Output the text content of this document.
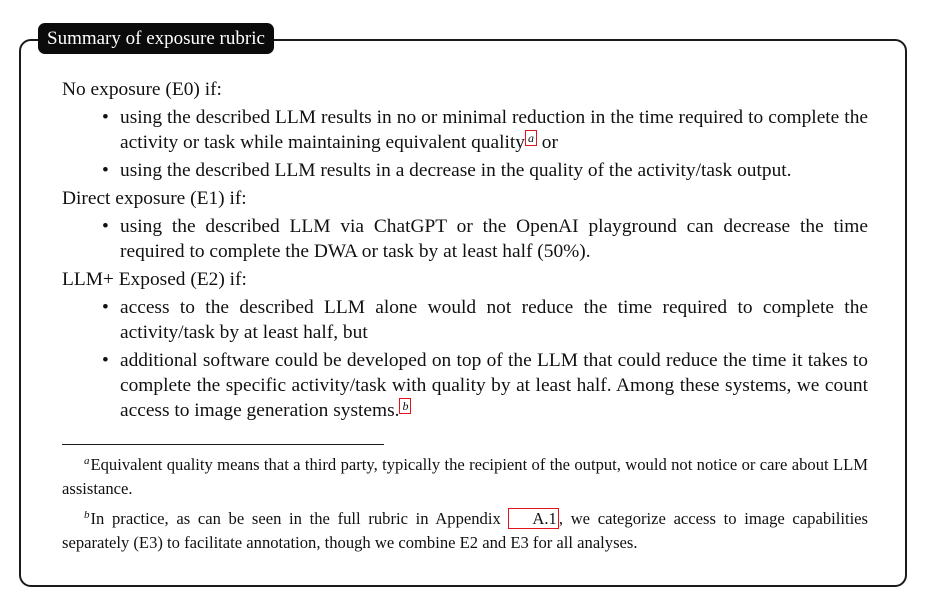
Summary of exposure rubric

No exposure (E0) if:

• using the described LLM results in no or minimal reduction in the time required to complete the activity or task while maintaining equivalent quality a or
• using the described LLM results in a decrease in the quality of the activity/task output.

Direct exposure (E1) if:

• using the described LLM via ChatGPT or the OpenAI playground can decrease the time required to complete the DWA or task by at least half (50%).

LLM+ Exposed (E2) if:

• access to the described LLM alone would not reduce the time required to complete the activity/task by at least half, but
• additional software could be developed on top of the LLM that could reduce the time it takes to complete the specific activity/task with quality by at least half. Among these systems, we count access to image generation systems. b

$^a$Equivalent quality means that a third party, typically the recipient of the output, would not notice or care about LLM assistance.

$^b$In practice, as can be seen in the full rubric in Appendix A.1 , we categorize access to image capabilities separately (E3) to facilitate annotation, though we combine E2 and E3 for all analyses.
